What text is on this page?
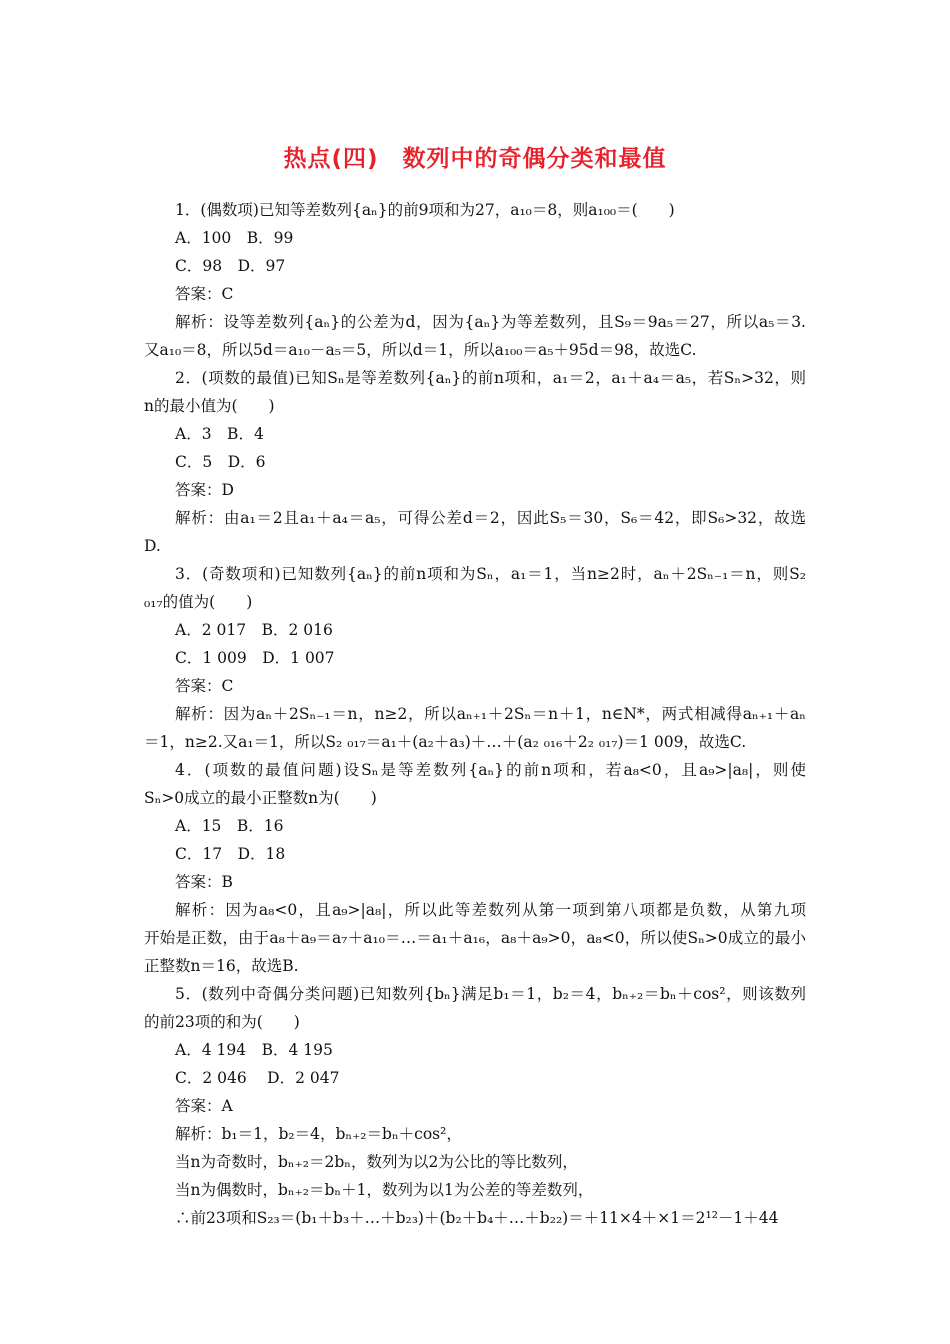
热点(四)　数列中的奇偶分类和最值
1．(偶数项)已知等差数列{aₙ}的前9项和为27，a₁₀＝8，则a₁₀₀＝(　　)
A．100　B．99
C．98　D．97
答案：C
解析：设等差数列{aₙ}的公差为d，因为{aₙ}为等差数列，且S₉＝9a₅＝27，所以a₅＝3.
又a₁₀＝8，所以5d＝a₁₀－a₅＝5，所以d＝1，所以a₁₀₀＝a₅＋95d＝98，故选C.
2．(项数的最值)已知Sₙ是等差数列{aₙ}的前n项和，a₁＝2，a₁＋a₄＝a₅，若Sₙ>32，则
n的最小值为(　　)
A．3　B．4
C．5　D．6
答案：D
解析：由a₁＝2且a₁＋a₄＝a₅，可得公差d＝2，因此S₅＝30，S₆＝42，即S₆>32，故选
D.
3．(奇数项和)已知数列{aₙ}的前n项和为Sₙ，a₁＝1，当n≥2时，aₙ＋2Sₙ₋₁＝n，则S₂
₀₁₇的值为(　　)
A．2 017　B．2 016
C．1 009　D．1 007
答案：C
解析：因为aₙ＋2Sₙ₋₁＝n，n≥2，所以aₙ₊₁＋2Sₙ＝n＋1，n∈N*，两式相减得aₙ₊₁＋aₙ
＝1，n≥2.又a₁＝1，所以S₂ ₀₁₇＝a₁＋(a₂＋a₃)＋…＋(a₂ ₀₁₆＋2₂ ₀₁₇)＝1 009，故选C.
4．(项数的最值问题)设Sₙ是等差数列{aₙ}的前n项和，若a₈<0，且a₉>|a₈|，则使
Sₙ>0成立的最小正整数n为(　　)
A．15　B．16
C．17　D．18
答案：B
解析：因为a₈<0，且a₉>|a₈|，所以此等差数列从第一项到第八项都是负数，从第九项
开始是正数，由于a₈＋a₉＝a₇＋a₁₀＝…＝a₁＋a₁₆，a₈＋a₉>0，a₈<0，所以使Sₙ>0成立的最小
正整数n＝16，故选B.
5．(数列中奇偶分类问题)已知数列{bₙ}满足b₁＝1，b₂＝4，bₙ₊₂＝bₙ＋cos²，则该数列
的前23项的和为(　　)
A．4 194　B．4 195
C．2 046　 D．2 047
答案：A
解析：b₁＝1，b₂＝4，bₙ₊₂＝bₙ＋cos²，
当n为奇数时，bₙ₊₂＝2bₙ，数列为以2为公比的等比数列，
当n为偶数时，bₙ₊₂＝bₙ＋1，数列为以1为公差的等差数列，
∴前23项和S₂₃＝(b₁＋b₃＋…＋b₂₃)＋(b₂＋b₄＋…＋b₂₂)＝＋11×4＋×1＝2¹²－1＋44
